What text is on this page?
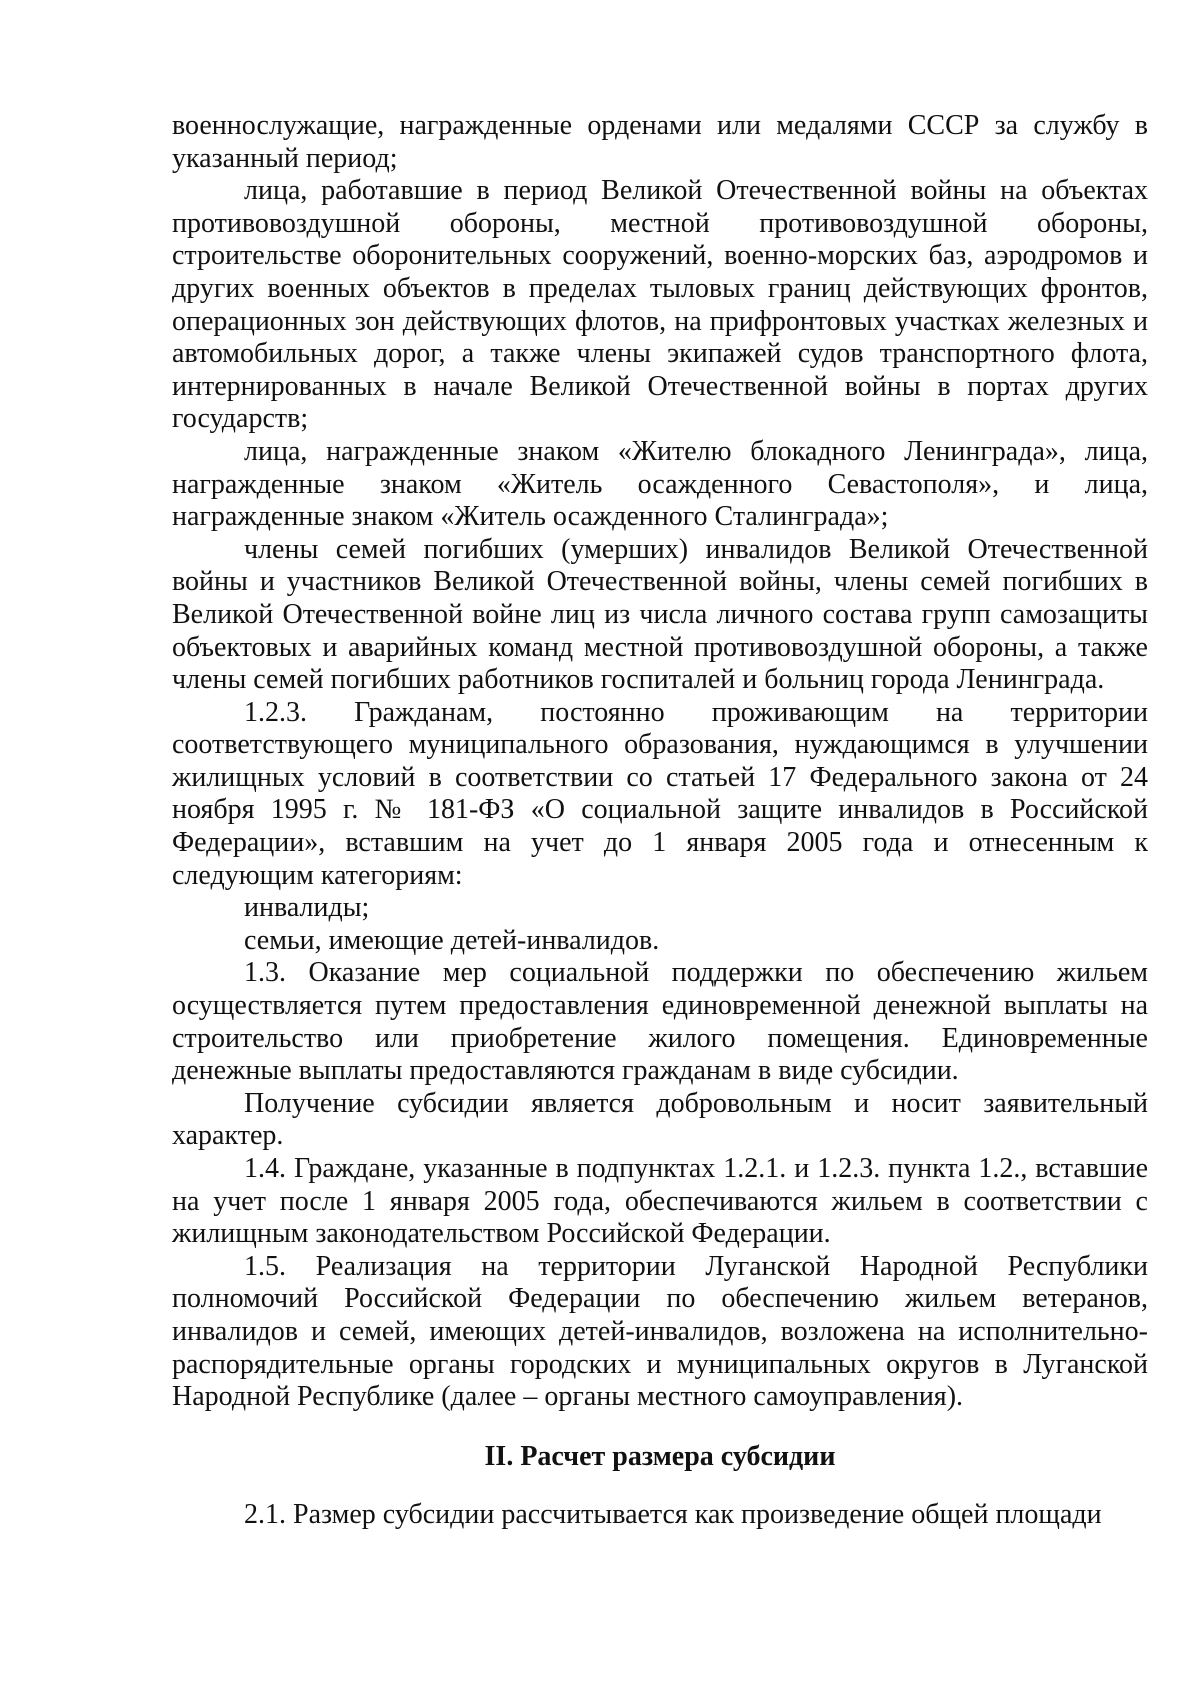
военнослужащие, награжденные орденами или медалями СССР за службу в указанный период;

лица, работавшие в период Великой Отечественной войны на объектах противовоздушной обороны, местной противовоздушной обороны, строительстве оборонительных сооружений, военно-морских баз, аэродромов и других военных объектов в пределах тыловых границ действующих фронтов, операционных зон действующих флотов, на прифронтовых участках железных и автомобильных дорог, а также члены экипажей судов транспортного флота, интернированных в начале Великой Отечественной войны в портах других государств;

лица, награжденные знаком «Жителю блокадного Ленинграда», лица, награжденные знаком «Житель осажденного Севастополя», и лица, награжденные знаком «Житель осажденного Сталинграда»;

члены семей погибших (умерших) инвалидов Великой Отечественной войны и участников Великой Отечественной войны, члены семей погибших в Великой Отечественной войне лиц из числа личного состава групп самозащиты объектовых и аварийных команд местной противовоздушной обороны, а также члены семей погибших работников госпиталей и больниц города Ленинграда.

1.2.3. Гражданам, постоянно проживающим на территории соответствующего муниципального образования, нуждающимся в улучшении жилищных условий в соответствии со статьей 17 Федерального закона от 24 ноября 1995 г. № 181-ФЗ «О социальной защите инвалидов в Российской Федерации», вставшим на учет до 1 января 2005 года и отнесенным к следующим категориям:

инвалиды;

семьи, имеющие детей-инвалидов.

1.3. Оказание мер социальной поддержки по обеспечению жильем осуществляется путем предоставления единовременной денежной выплаты на строительство или приобретение жилого помещения. Единовременные денежные выплаты предоставляются гражданам в виде субсидии.

Получение субсидии является добровольным и носит заявительный характер.

1.4. Граждане, указанные в подпунктах 1.2.1. и 1.2.3. пункта 1.2., вставшие на учет после 1 января 2005 года, обеспечиваются жильем в соответствии с жилищным законодательством Российской Федерации.

1.5. Реализация на территории Луганской Народной Республики полномочий Российской Федерации по обеспечению жильем ветеранов, инвалидов и семей, имеющих детей-инвалидов, возложена на исполнительно-распорядительные органы городских и муниципальных округов в Луганской Народной Республике (далее – органы местного самоуправления).

II. Расчет размера субсидии

2.1. Размер субсидии рассчитывается как произведение общей площади
